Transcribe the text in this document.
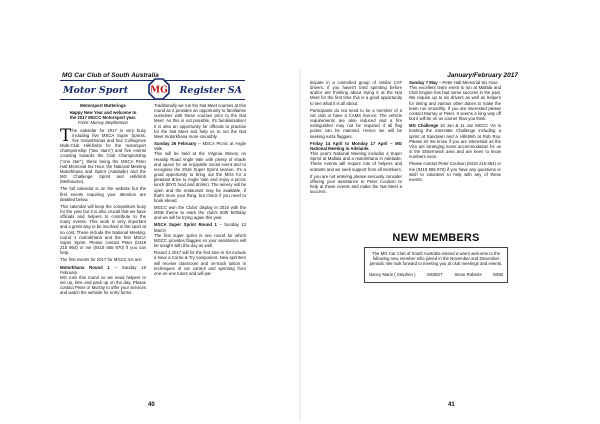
MG Car Club of South Australia
Motor Sport	MG	Register SA

Motorsport Mutterings

Happy New Year and welcome to

the 2017 MGCC Motorsport year.

From: Murray Stephenson

The calendar for 2017 is very busy including five MSCA Super Sprints, five motorkhanas and four Collingrove Multi-Club Hillclimbs for the motorsport championship ("two stars") and five events counting towards the Club Championship ("one star"), these being the MSCA Peter Hall Memorial Six Hour, the National Meeting Motorkhana and Sprint (Adelaide) and the MG Challenge Sprint and Hillclimb (Melbourne).

The full calendar is on the website but the first events requiring your attention are detailed below.

This calendar will keep the competitors busy for the year but it is also crucial that we have officials and helpers to contribute to the many events. This work is very important and a great way to be involved in the sport at no cost. These include the National Meeting, round 1 motorkhana and the first MSCA Super Sprint. Please contact Peter (0419 215 964) or me (0419 565 970) if you can help.

The first events for 2017 for MGCC SA are:

Motorkhana Round 1 – Sunday 19 February

MG runs this round so we need helpers to set up, time and pack up on the day. Please contact Peter or Murray to offer your services and watch the website for entry forms.

Traditionally we run the Nat Meet courses at this round as it provides an opportunity to familiarise ourselves with these courses prior to the Nat Meet. As this is not possible, it's familiarisation! It is also an opportunity for officials to practise for the Nat Meet and help us to run the Nat Meet motorkhana more smoothly.

Sunday 26 February – MSCA Picnic at Angle Vale

This will be held at the Virginia Winery on Heaslip Road Angle Vale with plenty of shade and space for an enjoyable social event and to recognise the 2016 Super Sprint season. It's a good opportunity to bring out the MGs for a pleasant drive to Angle Vale and enjoy a picnic lunch (BYO food and drinks). The winery will be open and the restaurant may be available, if that's more your thing, but check if you need to book ahead.

MGCC won the Clubs' display in 2016 with the MGB theme to mark the club's 60th birthday and we will be trying again this year.

MSCA Super Sprint Round 1 – Sunday 12 March

The first super sprint is one round for which MGCC provides flaggies so your assistance will be sought with this day as well.

Round 1 2017 will for the first time in SA include a have a Corrie & Try component. New sprinters will receive classroom and on-track tuition in techniques of car control and sprinting from one-on-one tutors and will par-

40
January/February 2017
41

ticipate in a controlled group of similar CAT drivers. If you haven't tried sprinting before and/or are thinking about trying it at the Nat Meet for the first time this is a good opportunity to see what it is all about.

Participants do not need to be a member of a car club or have a CAMS licence. The vehicle requirements are also reduced and a fire extinguisher may not be required if all flag points can be manned. Hence we will be seeking extra flaggies.

Friday 14 April to Monday 17 April – MG National Meeting in Adelaide.

This year's National Meeting includes a Super Sprint at Mallala and a motorkhana in Adelaide. These events will require lots of helpers and entrants and we seek support from all members.

If you are not entering please seriously consider offering your assistance to Peter Coulson to help at these events and make the Nat Meet a success.

Sunday 7 May – Peter Hall Memorial Six Hour.

This excellent team event is run at Mallala and Club Engine has had some success in the past. We require up to six drivers as well as helpers for timing and various other duties to make the team run smoothly. If you are interested please contact Murray or Peter. It seems a long way off but it will be on us sooner than you think.

MG Challenge 10 Jun & 11 Jun MGCC Vic is hosting the interstate Challenge including a sprint at Sandown and a Hillclimb at Rob Roy. Please let me know if you are interested as the Vics are arranging some accommodation for us in the Elsternwick area and are keen to know numbers soon.

Please contact Peter Coulson (0419 215 964) or me (0419 565 970) if you have any questions or wish to volunteer to help with any of these events.

NEW MEMBERS
The MG Car Club of South Australia extend a warm welcome to the following new member who joined in the November and December periods. We look forward to meeting you at club meetings and events.
Nancy Marin ( Stephen )	MGBGT	Steve Roberts	MGB
